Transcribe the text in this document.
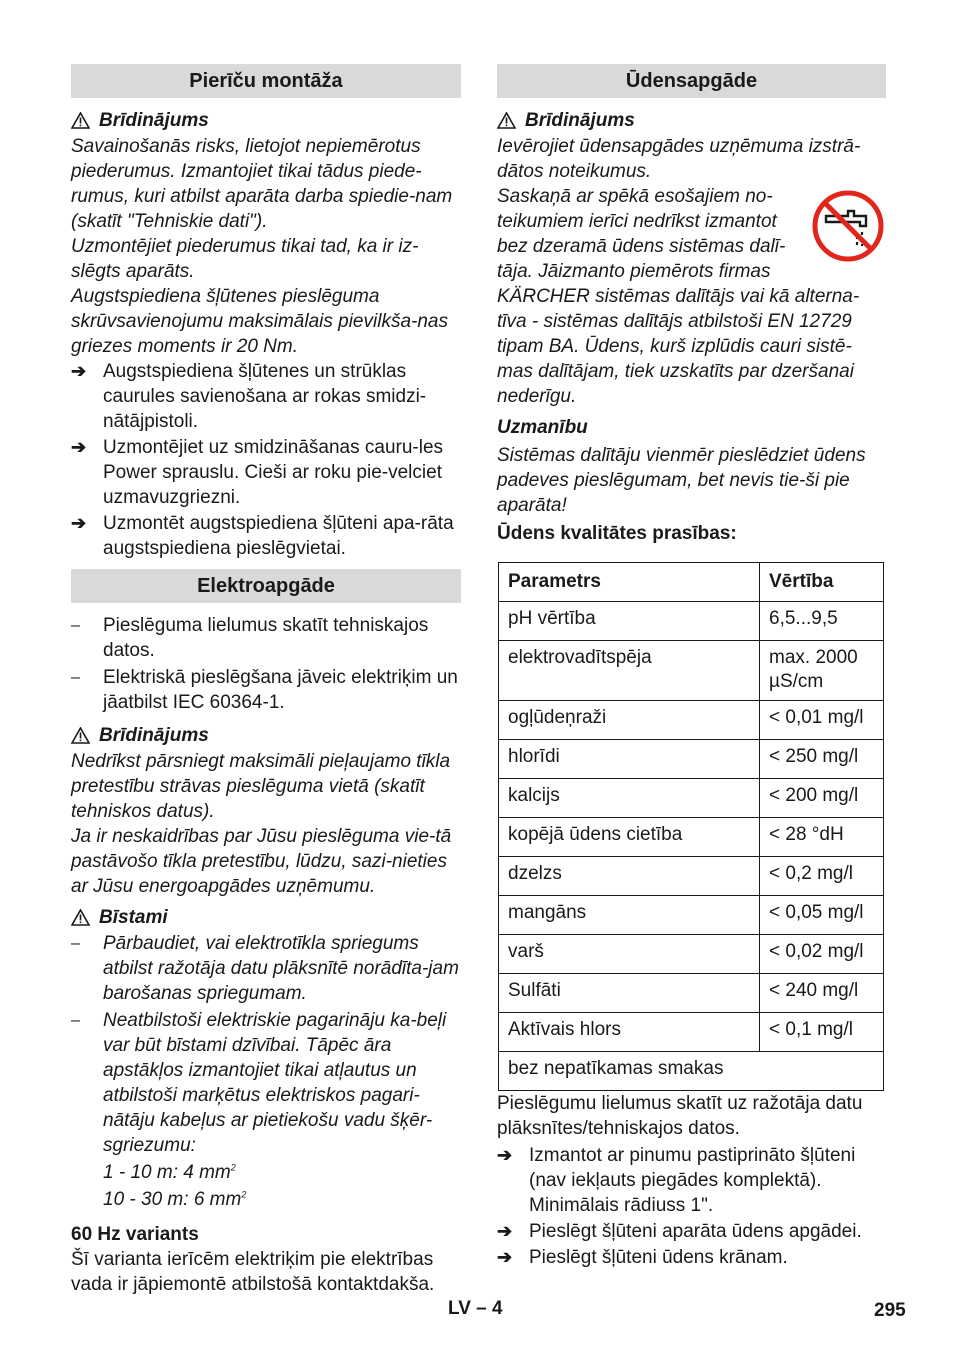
Pierīču montāža
Brīdinājums

Savainošanās risks, lietojot nepiemērotus piederumus. Izmantojiet tikai tādus piede-rumus, kuri atbilst aparāta darba spiedie-nam (skatīt "Tehniskie dati").

Uzmontējiet piederumus tikai tad, ka ir iz-slēgts aparāts.

Augstspiediena šļūtenes pieslēguma skrūvsavienojumu maksimālais pievilkša-nas griezes moments ir 20 Nm.

➔ Augstspiediena šļūtenes un strūklas caurules savienošana ar rokas smidzi-nātājpistoli.
➔ Uzmontējiet uz smidzināšanas cauru-les Power sprauslu. Cieši ar roku pie-velciet uzmavuzgriezni.
➔ Uzmontēt augstspiediena šļūteni apa-rāta augstspiediena pieslēgvietai.
Elektroapgāde
– Pieslēguma lielumus skatīt tehniskajos datos.
– Elektriskā pieslēgšana jāveic elektriķim un jāatbilst IEC 60364-1.
Brīdinājums

Nedrīkst pārsniegt maksimāli pieļaujamo tīkla pretestību strāvas pieslēguma vietā (skatīt tehniskos datus).

Ja ir neskaidrības par Jūsu pieslēguma vie-tā pastāvošo tīkla pretestību, lūdzu, sazi-nieties ar Jūsu energoapgādes uzņēmumu.

Bīstami
– Pārbaudiet, vai elektrotīkla spriegums atbilst ražotāja datu plāksnītē norādīta-jam barošanas spriegumam.
– Neatbilstoši elektriskie pagarināju ka-beļi var būt bīstami dzīvībai. Tāpēc āra apstākļos izmantojiet tikai atļautus un atbilstoši marķētus elektriskos pagari-nātāju kabeļus ar pietiekošu vadu šķēr-sgriezumu:
1 - 10 m: 4 $mm^2$
10 - 30 m: 6 $mm^2$

60 Hz variants

Šī varianta ierīcēm elektriķim pie elektrības vada ir jāpiemontē atbilstošā kontaktdakša.

Ūdensapgāde
Brīdinājums

Ievērojiet ūdensapgādes uzņēmuma izstrā-dātos noteikumus.

Saskaņā ar spēkā esošajiem no-teikumiem ierīci nedrīkst izmantot bez dzeramā ūdens sistēmas dalī-tāja. Jāizmanto piemērots firmas KÄRCHER sistēmas dalītājs vai kā alterna-tīva - sistēmas dalītājs atbilstoši EN 12729 tipam BA. Ūdens, kurš izplūdis cauri sistē-mas dalītājam, tiek uzskatīts par dzeršanai nederīgu.

Uzmanību

Sistēmas dalītāju vienmēr pieslēdziet ūdens padeves pieslēgumam, bet nevis tie-ši pie aparāta!

Ūdens kvalitātes prasības:

Parametrs	Vērtība
pH vērtība	6,5...9,5
elektrovadītspēja	max. 2000 µS/cm
ogļūdeņraži	< 0,01 mg/l
hlorīdi	< 250 mg/l
kalcijs	< 200 mg/l
kopējā ūdens cietība	< 28 °dH
dzelzs	< 0,2 mg/l
mangāns	< 0,05 mg/l
varš	< 0,02 mg/l
Sulfāti	< 240 mg/l
Aktīvais hlors	< 0,1 mg/l
bez nepatīkamas smakas	

Pieslēgumu lielumus skatīt uz ražotāja datu plāksnītes/tehniskajos datos.

➔ Izmantot ar pinumu pastiprināto šļūteni (nav iekļauts piegādes komplektā). Minimālais rādiuss 1".
➔ Pieslēgt šļūteni aparāta ūdens apgādei.
➔ Pieslēgt šļūteni ūdens krānam.
LV – 4	295
